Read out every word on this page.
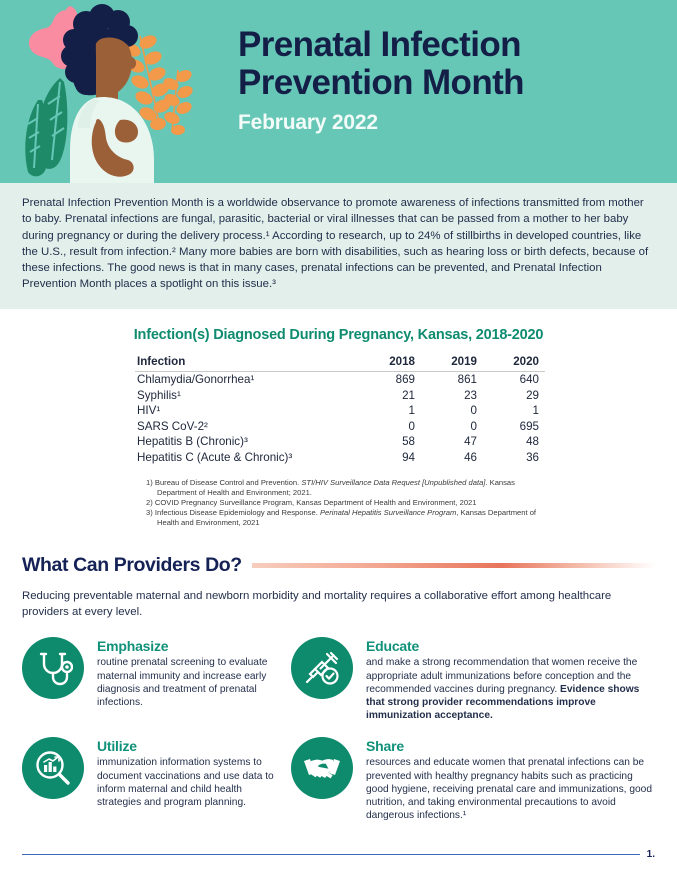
Prenatal Infection
Prevention Month
February 2022

Prenatal Infection Prevention Month is a worldwide observance to promote awareness of infections transmitted from mother to baby. Prenatal infections are fungal, parasitic, bacterial or viral illnesses that can be passed from a mother to her baby during pregnancy or during the delivery process.¹ According to research, up to 24% of stillbirths in developed countries, like the U.S., result from infection.² Many more babies are born with disabilities, such as hearing loss or birth defects, because of these infections. The good news is that in many cases, prenatal infections can be prevented, and Prenatal Infection Prevention Month places a spotlight on this issue.³

Infection(s) Diagnosed During Pregnancy, Kansas, 2018-2020
Infection	2018	2019	2020
Chlamydia/Gonorrhea¹	869	861	640
Syphilis¹	21	23	29
HIV¹	1	0	1
SARS CoV-2²	0	0	695
Hepatitis B (Chronic)³	58	47	48
Hepatitis C (Acute & Chronic)³	94	46	36
1) Bureau of Disease Control and Prevention. STI/HIV Surveillance Data Request [Unpublished data]. Kansas Department of Health and Environment; 2021.
2) COVID Pregnancy Surveillance Program, Kansas Department of Health and Environment, 2021
3) Infectious Disease Epidemiology and Response. Perinatal Hepatitis Surveillance Program, Kansas Department of Health and Environment, 2021
What Can Providers Do?

Reducing preventable maternal and newborn morbidity and mortality requires a collaborative effort among healthcare providers at every level.

Emphasize

routine prenatal screening to evaluate maternal immunity and increase early diagnosis and treatment of prenatal infections.

Educate

and make a strong recommendation that women receive the appropriate adult immunizations before conception and the recommended vaccines during pregnancy. Evidence shows that strong provider recommendations improve immunization acceptance.

Utilize

immunization information systems to document vaccinations and use data to inform maternal and child health strategies and program planning.

Share

resources and educate women that prenatal infections can be prevented with healthy pregnancy habits such as practicing good hygiene, receiving prenatal care and immunizations, good nutrition, and taking environmental precautions to avoid dangerous infections.¹

1.
